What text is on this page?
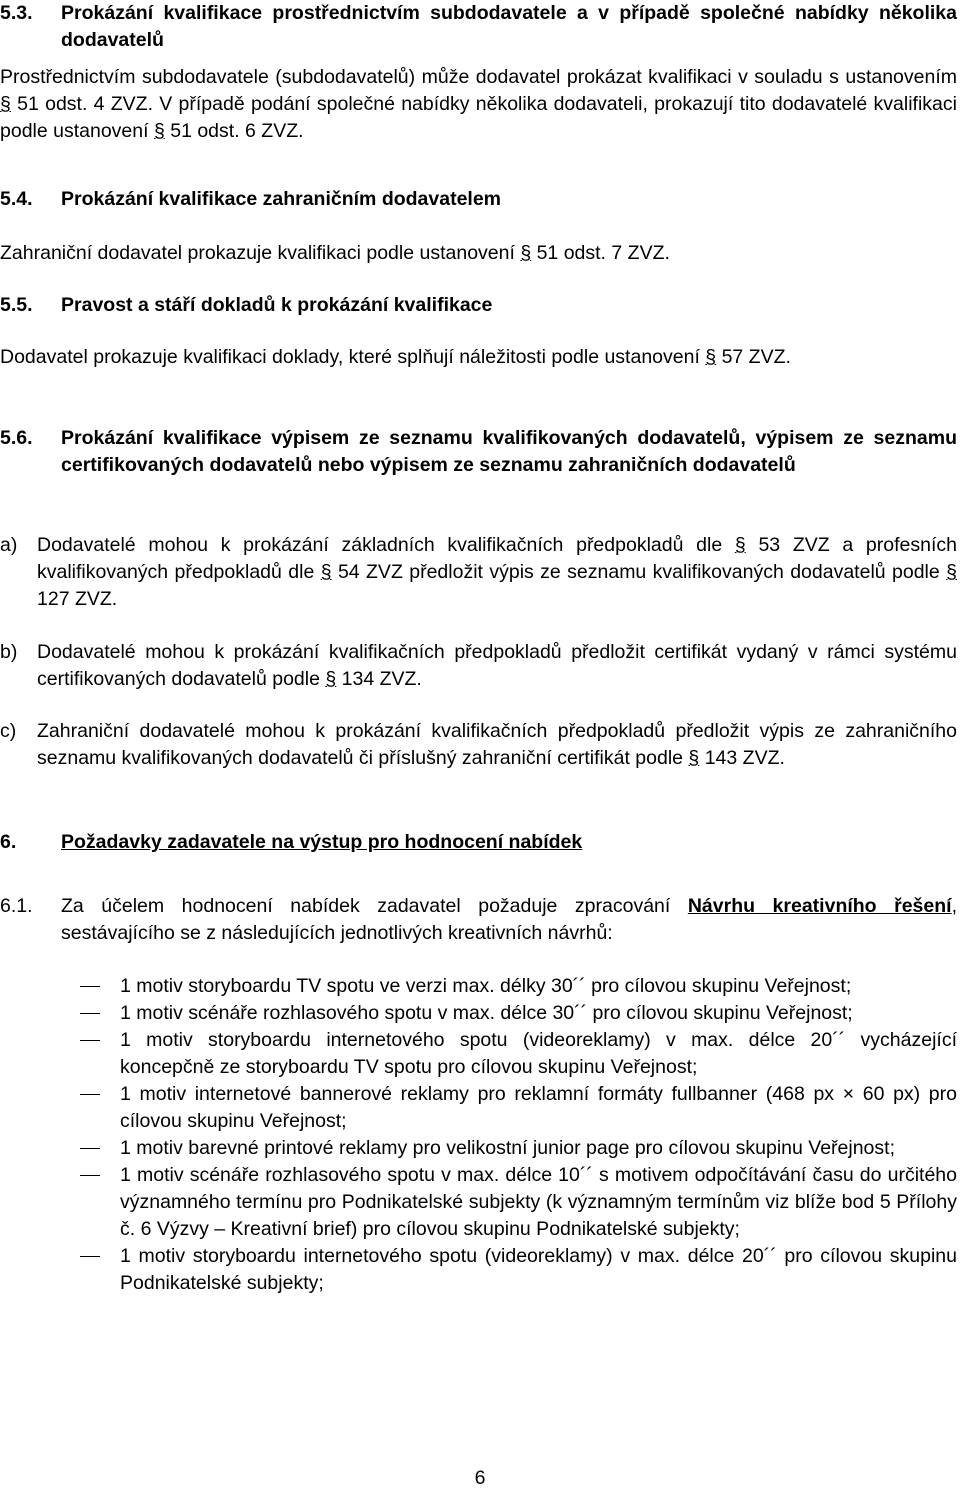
5.3. Prokázání kvalifikace prostřednictvím subdodavatele a v případě společné nabídky několika dodavatelů

Prostřednictvím subdodavatele (subdodavatelů) může dodavatel prokázat kvalifikaci v souladu s ustanovením § 51 odst. 4 ZVZ. V případě podání společné nabídky několika dodavateli, prokazují tito dodavatelé kvalifikaci podle ustanovení § 51 odst. 6 ZVZ.

5.4. Prokázání kvalifikace zahraničním dodavatelem

Zahraniční dodavatel prokazuje kvalifikaci podle ustanovení § 51 odst. 7 ZVZ.

5.5. Pravost a stáří dokladů k prokázání kvalifikace

Dodavatel prokazuje kvalifikaci doklady, které splňují náležitosti podle ustanovení § 57 ZVZ.

5.6. Prokázání kvalifikace výpisem ze seznamu kvalifikovaných dodavatelů, výpisem ze seznamu certifikovaných dodavatelů nebo výpisem ze seznamu zahraničních dodavatelů
a) Dodavatelé mohou k prokázání základních kvalifikačních předpokladů dle § 53 ZVZ a profesních kvalifikovaných předpokladů dle § 54 ZVZ předložit výpis ze seznamu kvalifikovaných dodavatelů podle § 127 ZVZ.
b) Dodavatelé mohou k prokázání kvalifikačních předpokladů předložit certifikát vydaný v rámci systému certifikovaných dodavatelů podle § 134 ZVZ.
c) Zahraniční dodavatelé mohou k prokázání kvalifikačních předpokladů předložit výpis ze zahraničního seznamu kvalifikovaných dodavatelů či příslušný zahraniční certifikát podle § 143 ZVZ.
6. Požadavky zadavatele na výstup pro hodnocení nabídek
6.1. Za účelem hodnocení nabídek zadavatel požaduje zpracování Návrhu kreativního řešení, sestávajícího se z následujících jednotlivých kreativních návrhů:
1 motiv storyboardu TV spotu ve verzi max. délky 30´´ pro cílovou skupinu Veřejnost;
1 motiv scénáře rozhlasového spotu v max. délce 30´´ pro cílovou skupinu Veřejnost;
1 motiv storyboardu internetového spotu (videoreklamy) v max. délce 20´´ vycházející koncepčně ze storyboardu TV spotu pro cílovou skupinu Veřejnost;
1 motiv internetové bannerové reklamy pro reklamní formáty fullbanner (468 px × 60 px) pro cílovou skupinu Veřejnost;
1 motiv barevné printové reklamy pro velikostní junior page pro cílovou skupinu Veřejnost;
1 motiv scénáře rozhlasového spotu v max. délce 10´´ s motivem odpočítávání času do určitého významného termínu pro Podnikatelské subjekty (k významným termínům viz blíže bod 5 Přílohy č. 6 Výzvy – Kreativní brief) pro cílovou skupinu Podnikatelské subjekty;
1 motiv storyboardu internetového spotu (videoreklamy) v max. délce 20´´ pro cílovou skupinu Podnikatelské subjekty;
6
